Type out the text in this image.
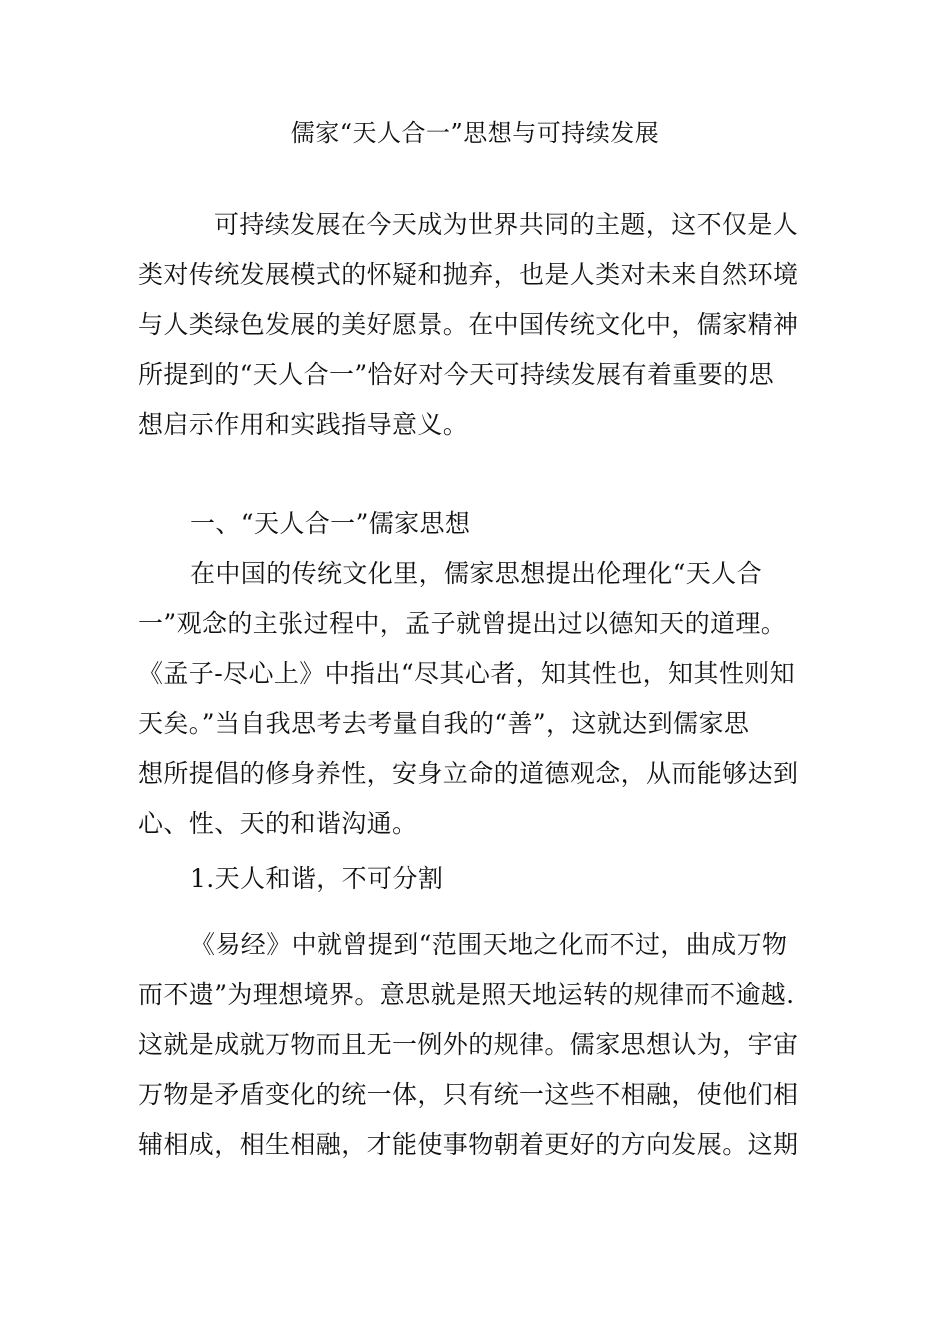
儒家“天人合一”思想与可持续发展
可持续发展在今天成为世界共同的主题，这不仅是人
类对传统发展模式的怀疑和抛弃，也是人类对未来自然环境
与人类绿色发展的美好愿景。在中国传统文化中，儒家精神
所提到的“天人合一”恰好对今天可持续发展有着重要的思
想启示作用和实践指导意义。
一、“天人合一”儒家思想
在中国的传统文化里，儒家思想提出伦理化“天人合
一”观念的主张过程中，孟子就曾提出过以德知天的道理。
《孟子-尽心上》中指出“尽其心者，知其性也，知其性则知
天矣。”当自我思考去考量自我的“善”，这就达到儒家思
想所提倡的修身养性，安身立命的道德观念，从而能够达到
心、性、天的和谐沟通。
1.天人和谐，不可分割
《易经》中就曾提到“范围天地之化而不过，曲成万物
而不遗”为理想境界。意思就是照天地运转的规律而不逾越.
这就是成就万物而且无一例外的规律。儒家思想认为，宇宙
万物是矛盾变化的统一体，只有统一这些不相融，使他们相
辅相成，相生相融，才能使事物朝着更好的方向发展。这期
